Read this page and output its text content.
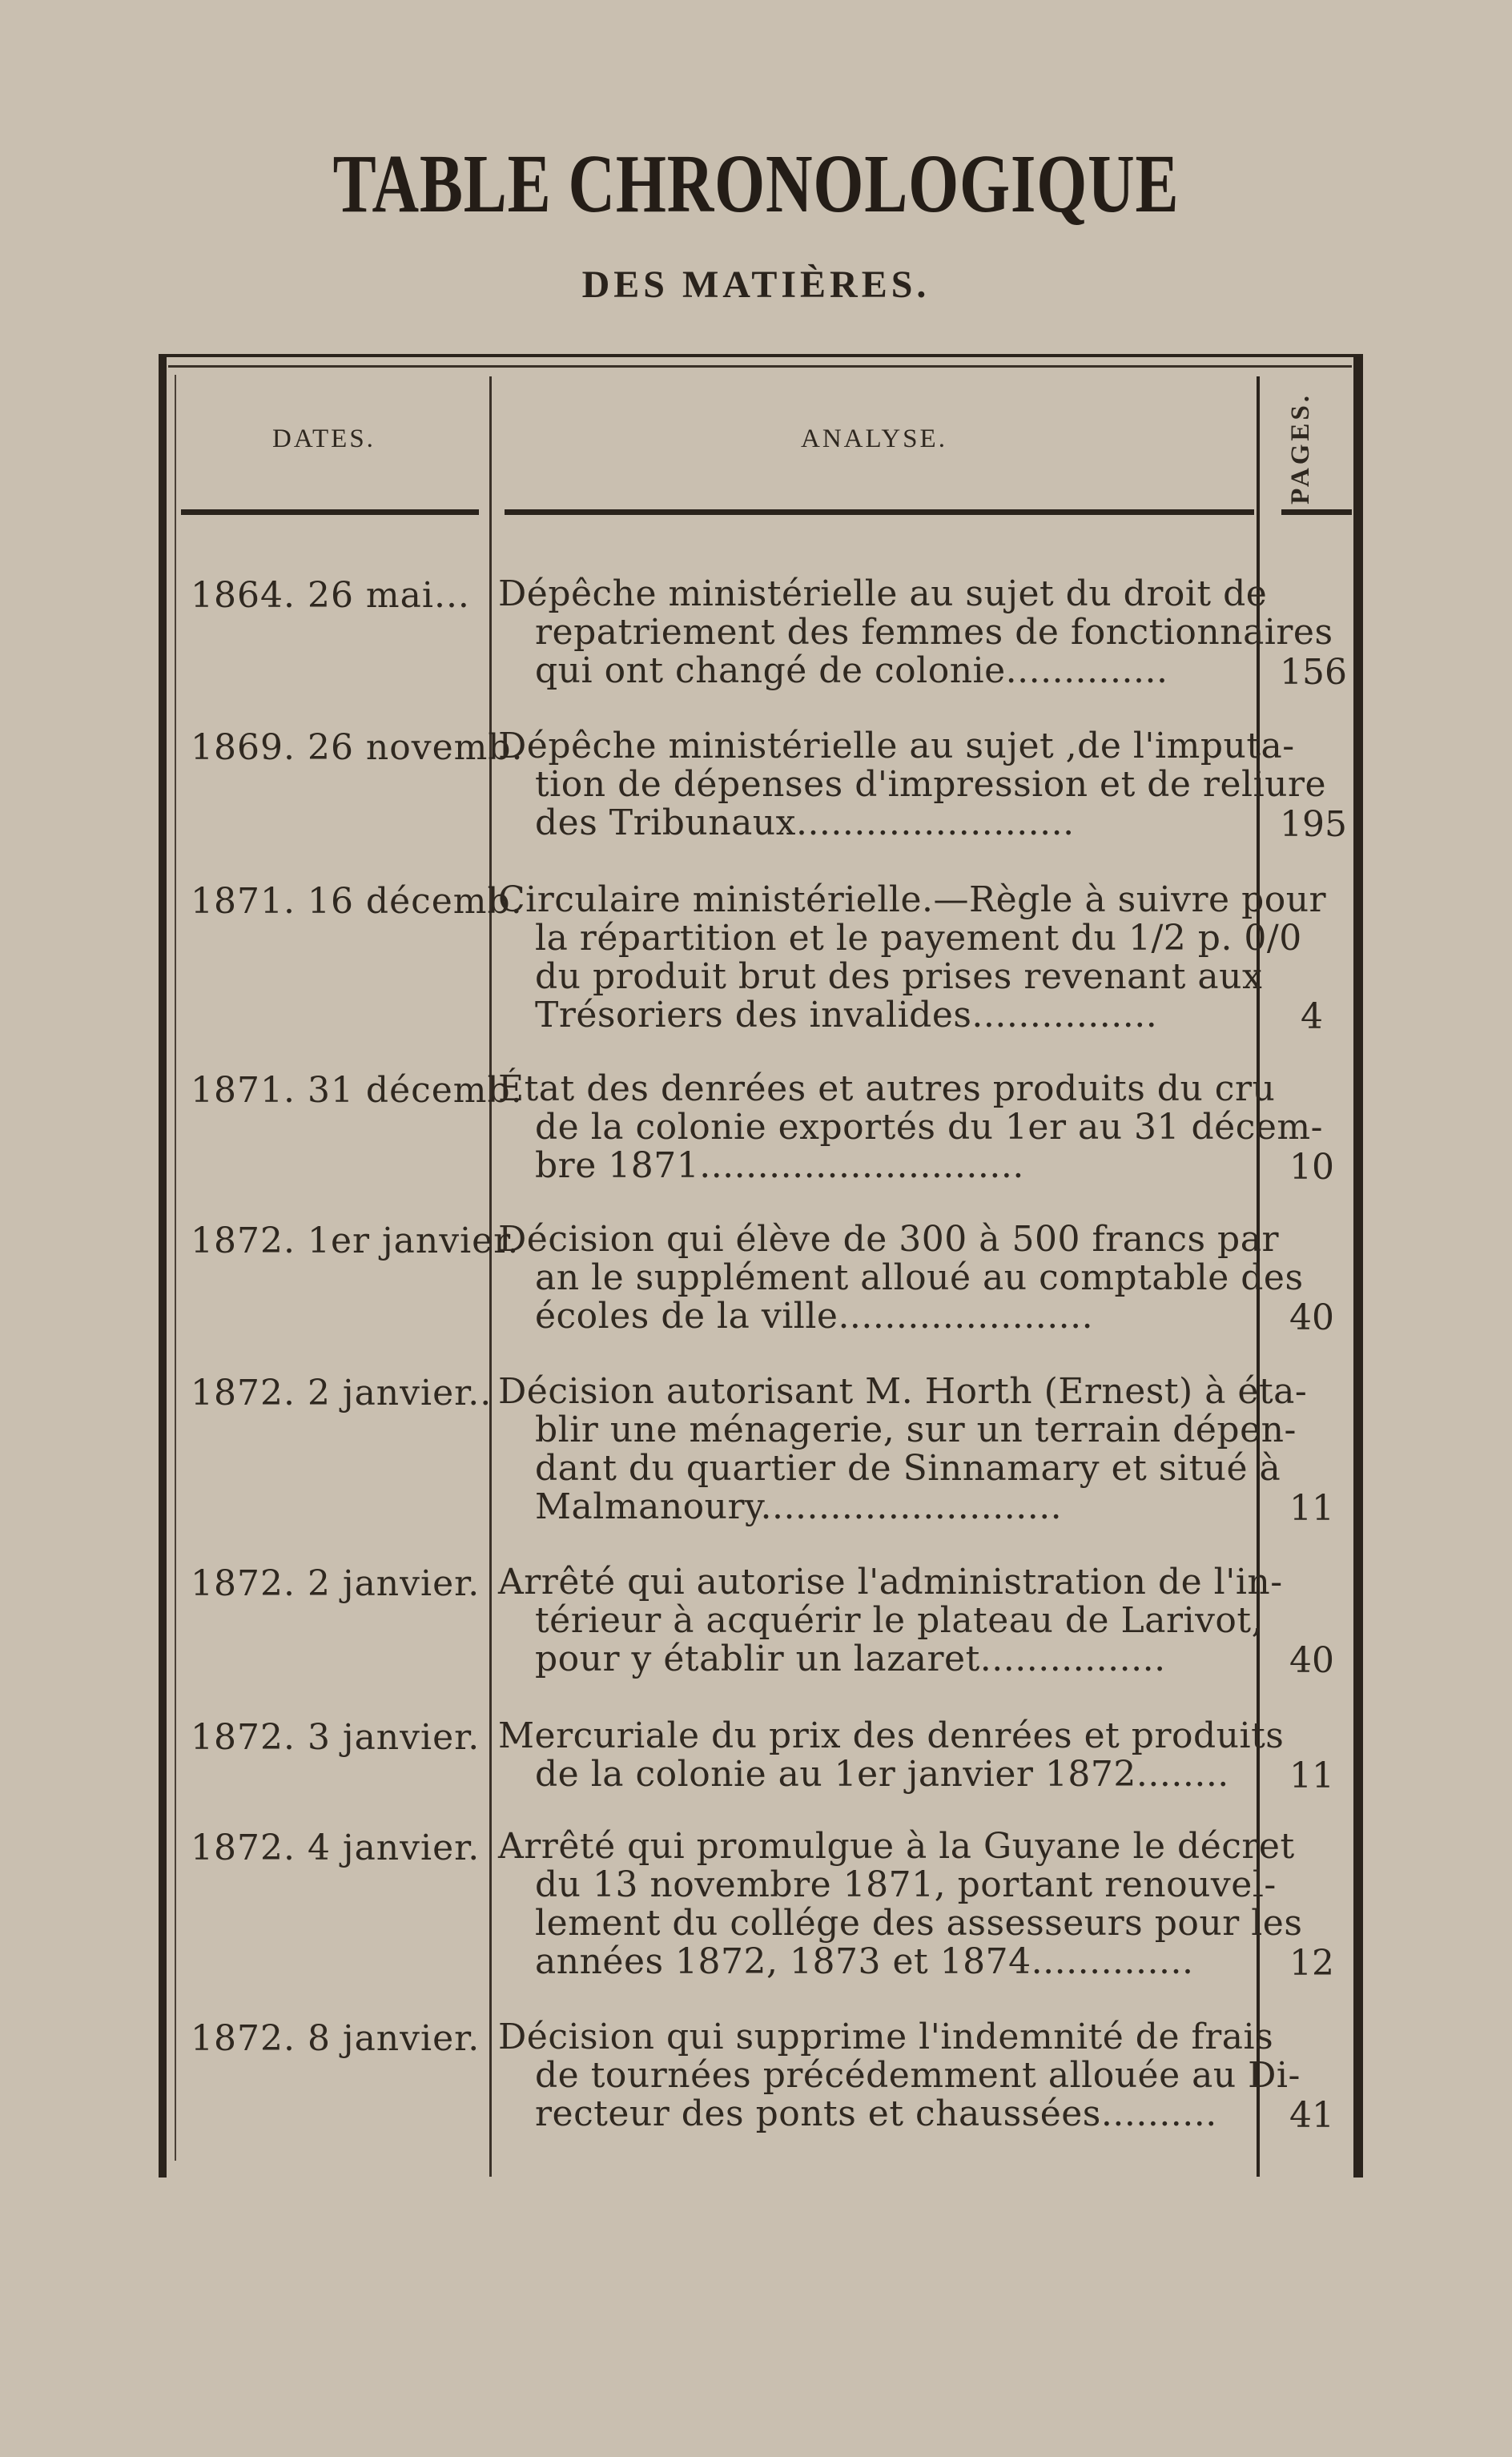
TABLE CHRONOLOGIQUE
DES MATIÈRES.
DATES.	ANALYSE.	PAGES.
1864. 26 mai... Dépêche ministérielle au sujet du droit de
repatriement des femmes de fonctionnaires
qui ont changé de colonie..............	156
1869. 26 novemb.
Dépêche ministérielle au sujet ,de l'imputa-
tion de dépenses d'impression et de reliure
des Tribunaux........................	195
1871. 16 décemb.
Circulaire ministérielle.—Règle à suivre pour
la répartition et le payement du 1/2 p. 0/0
du produit brut des prises revenant aux
Trésoriers des invalides................	4
1871. 31 décemb.
État des denrées et autres produits du cru
de la colonie exportés du 1er au 31 décem-
bre 1871............................	10
1872. 1er janvier.
Décision qui élève de 300 à 500 francs par
an le supplément alloué au comptable des
écoles de la ville......................	40
1872. 2 janvier.. Décision autorisant M. Horth (Ernest) à éta-
blir une ménagerie, sur un terrain dépen-
dant du quartier de Sinnamary et situé à
Malmanoury..........................	11
1872. 2 janvier. Arrêté qui autorise l'administration de l'in-
térieur à acquérir le plateau de Larivot,
pour y établir un lazaret................	40
1872. 3 janvier. Mercuriale du prix des denrées et produits
de la colonie au 1er janvier 1872........ 11
1872. 4 janvier. Arrêté qui promulgue à la Guyane le décret
du 13 novembre 1871, portant renouvel-
lement du collége des assesseurs pour les
années 1872, 1873 et 1874..............	12
1872. 8 janvier. Décision qui supprime l'indemnité de frais
de tournées précédemment allouée au Di-
recteur des ponts et chaussées.......... 41
